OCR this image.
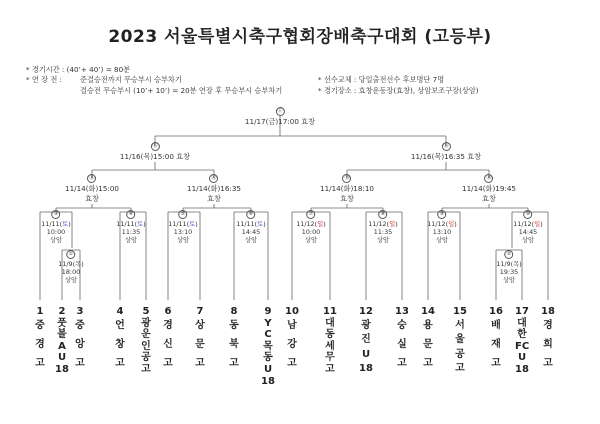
2023 서울특별시축구협회장배축구대회 (고등부)
* 경기시간 : (40’+ 40’) = 80분
* 연 장 전 :	준결승전까지 무승부시 승부차기
결승전 무승부시 (10’+ 10’) = 20분 연장 후 무승부시 승부차기
* 선수교체 : 당일출전선수 후보명단 7명
* 경기장소 : 효창운동장(효창), 상암보조구장(상암)
⑰
11/17(금)17:00 효창
⑮
11/16(목)15:00 효창
⑯
11/16(목)16:35 효창
⑪
11/14(화)15:00
효창
⑫
11/14(화)16:35
효창
⑬
11/14(화)18:10
효창
⑭
11/14(화)19:45
효창
③
11/11(토)
10:00
상암
④
11/11(토)
11:35
상암
⑤
11/11(토)
13:10
상암
⑥
11/11(토)
14:45
상암
⑦
11/12(일)
10:00
상암
⑧
11/12(일)
11:35
상암
⑨
11/12(일)
13:10
상암
⑩
11/12(일)
14:45
상암
①
11/9(목)
18:00
상암
②
11/9(목)
19:35
상암
1
중
경
고
2
풋
볼
A
U
18
3
중
앙
고
4
언
창
고
5
광
운
인
공
고
6
경
신
고
7
상
문
고
8
동
북
고
9
Y
C
목
동
U
18
10
남
강
고
11
대
동
세
무
고
12
광
진
U
18
13
숭
실
고
14
용
문
고
15
서
울
공
고
16
배
재
고
17
대
한
FC
U
18
18
경
희
고
